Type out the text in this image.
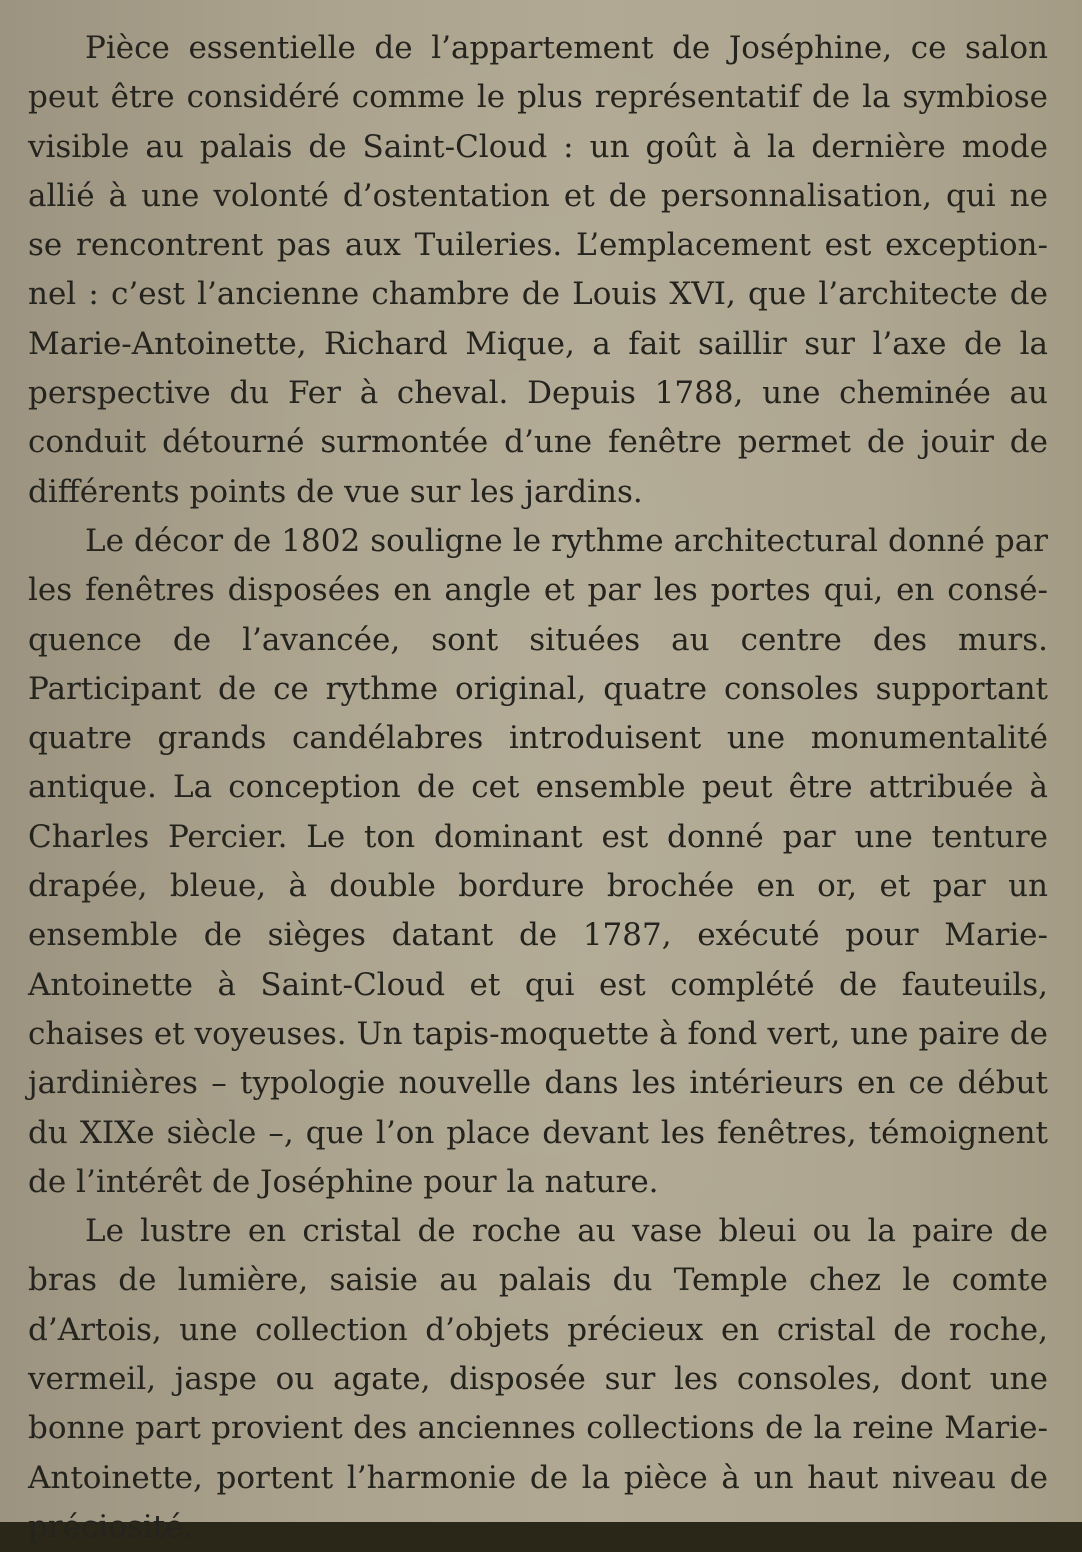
Pièce essentielle de l’appartement de Joséphine, ce salon peut être considéré comme le plus représentatif de la symbiose visible au palais de Saint-Cloud : un goût à la dernière mode allié à une volonté d’ostentation et de personnalisation, qui ne se rencontrent pas aux Tuileries. L’emplacement est exceptionnel : c’est l’ancienne chambre de Louis XVI, que l’architecte de Marie-Antoinette, Richard Mique, a fait saillir sur l’axe de la perspective du Fer à cheval. Depuis 1788, une cheminée au conduit détourné surmontée d’une fenêtre permet de jouir de différents points de vue sur les jardins.

Le décor de 1802 souligne le rythme architectural donné par les fenêtres disposées en angle et par les portes qui, en conséquence de l’avancée, sont situées au centre des murs. Participant de ce rythme original, quatre consoles supportant quatre grands candélabres introduisent une monumentalité antique. La conception de cet ensemble peut être attribuée à Charles Percier. Le ton dominant est donné par une tenture drapée, bleue, à double bordure brochée en or, et par un ensemble de sièges datant de 1787, exécuté pour Marie-Antoinette à Saint-Cloud et qui est complété de fauteuils, chaises et voyeuses. Un tapis-moquette à fond vert, une paire de jardinières – typologie nouvelle dans les intérieurs en ce début du XIXe siècle –, que l’on place devant les fenêtres, témoignent de l’intérêt de Joséphine pour la nature.

Le lustre en cristal de roche au vase bleui ou la paire de bras de lumière, saisie au palais du Temple chez le comte d’Artois, une collection d’objets précieux en cristal de roche, vermeil, jaspe ou agate, disposée sur les consoles, dont une bonne part provient des anciennes collections de la reine Marie-Antoinette, portent l’harmonie de la pièce à un haut niveau de préciosité.
